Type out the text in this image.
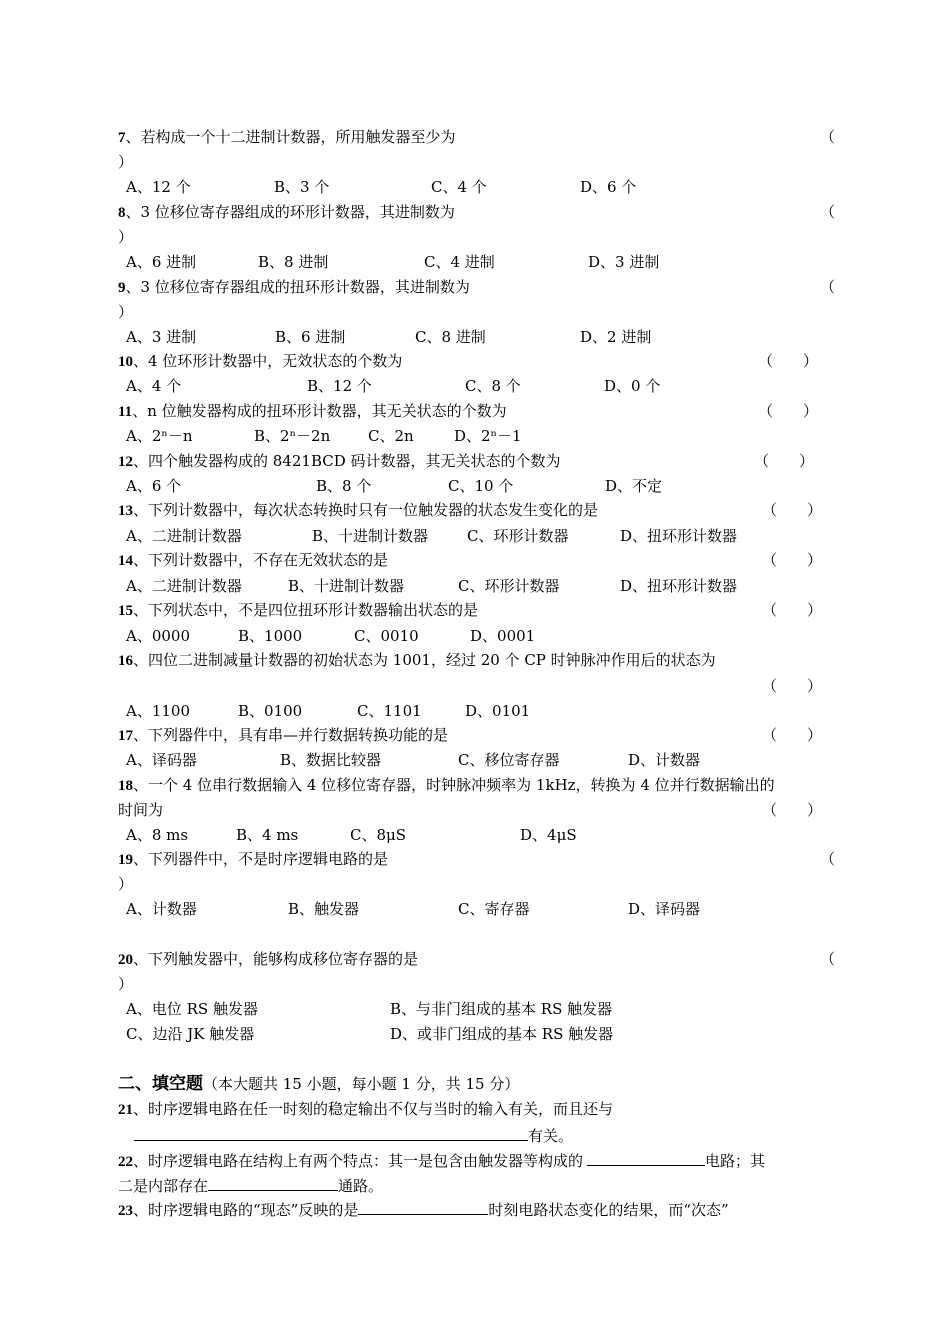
7、若构成一个十二进制计数器，所用触发器至少为	（
）
A、12 个	B、3 个	C、4 个	D、6 个
8、3 位移位寄存器组成的环形计数器，其进制数为	（
）
A、6 进制	B、8 进制	C、4 进制	D、3 进制
9、3 位移位寄存器组成的扭环形计数器，其进制数为	（
）
A、3 进制	B、6 进制	C、8 进制	D、2 进制
10、4 位环形计数器中，无效状态的个数为	（　　）
A、4 个	B、12 个	C、8 个	D、0 个
11、n 位触发器构成的扭环形计数器，其无关状态的个数为	（　　）
A、2ⁿ－n	B、2ⁿ－2n	C、2n	D、2ⁿ－1
12、四个触发器构成的 8421BCD 码计数器，其无关状态的个数为	（　　）
A、6 个	B、8 个	C、10 个	D、不定
13、下列计数器中，每次状态转换时只有一位触发器的状态发生变化的是	（　　）
A、二进制计数器	B、十进制计数器	C、环形计数器	D、扭环形计数器
14、下列计数器中，不存在无效状态的是	（　　）
A、二进制计数器	B、十进制计数器	C、环形计数器	D、扭环形计数器
15、下列状态中，不是四位扭环形计数器输出状态的是	（　　）
A、0000	B、1000	C、0010	D、0001
16、四位二进制减量计数器的初始状态为 1001，经过 20 个 CP 时钟脉冲作用后的状态为
（　　）
A、1100	B、0100	C、1101	D、0101
17、下列器件中，具有串—并行数据转换功能的是	（　　）
A、译码器	B、数据比较器	C、移位寄存器	D、计数器
18、一个 4 位串行数据输入 4 位移位寄存器，时钟脉冲频率为 1kHz，转换为 4 位并行数据输出的
时间为	（　　）
A、8 ms	B、4 ms	C、8μS	D、4μS
19、下列器件中，不是时序逻辑电路的是	（
）
A、计数器	B、触发器	C、寄存器	D、译码器
20、下列触发器中，能够构成移位寄存器的是	（
）
A、电位 RS 触发器	B、与非门组成的基本 RS 触发器
C、边沿 JK 触发器	D、或非门组成的基本 RS 触发器
二、填空题（本大题共 15 小题，每小题 1 分，共 15 分）
21、时序逻辑电路在任一时刻的稳定输出不仅与当时的输入有关，而且还与
有关。
22、时序逻辑电路在结构上有两个特点：其一是包含由触发器等构成的	电路；其
二是内部存在	通路。
23、时序逻辑电路的“现态”反映的是	时刻电路状态变化的结果，而“次态”
